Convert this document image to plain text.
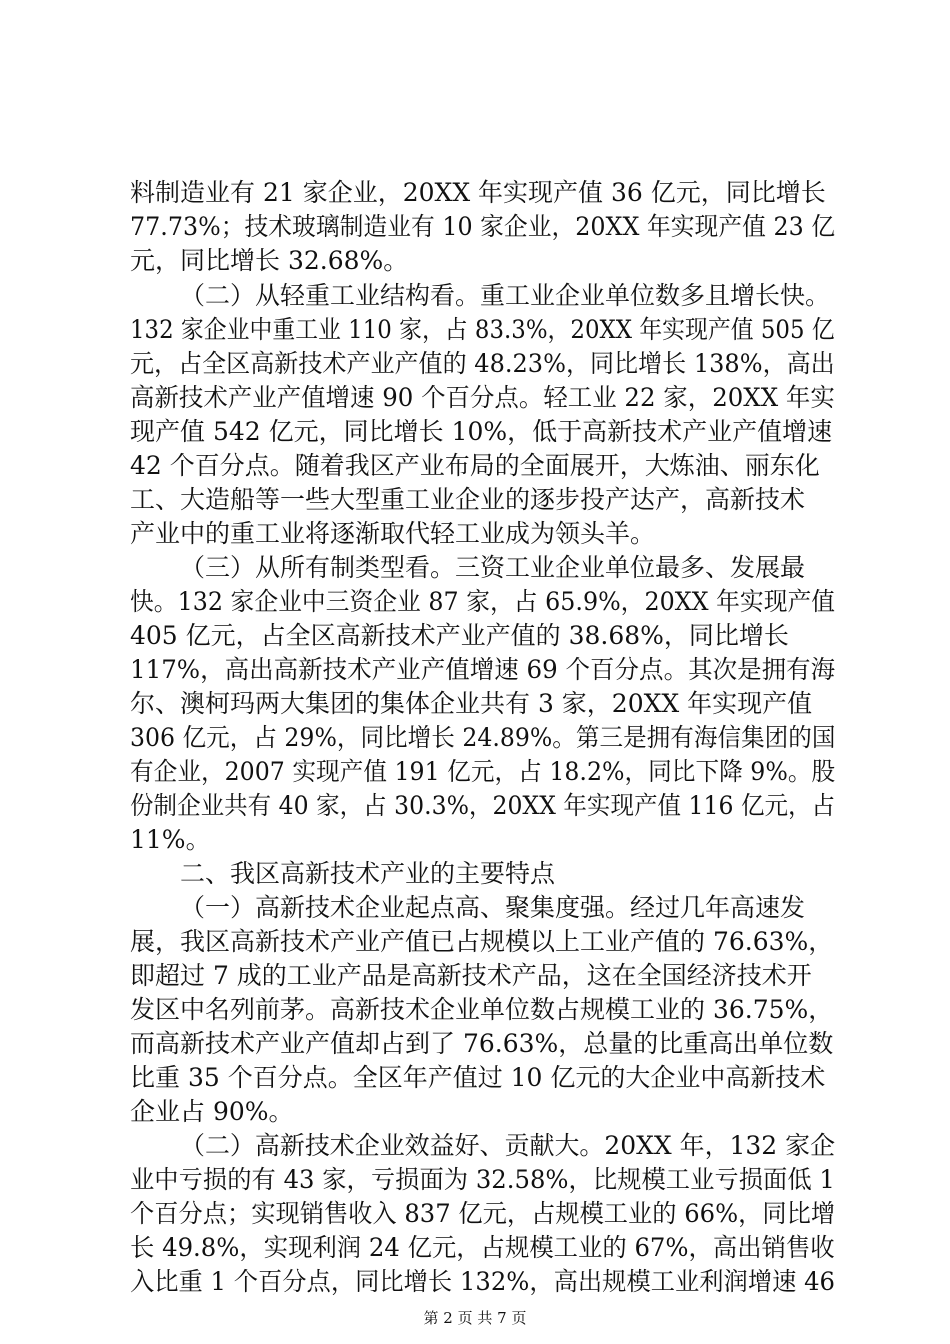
料制造业有 21 家企业，20XX 年实现产值 36 亿元，同比增长
77.73%；技术玻璃制造业有 10 家企业，20XX 年实现产值 23 亿
元，同比增长 32.68%。
（二）从轻重工业结构看。重工业企业单位数多且增长快。
132 家企业中重工业 110 家，占 83.3%，20XX 年实现产值 505 亿
元，占全区高新技术产业产值的 48.23%，同比增长 138%，高出
高新技术产业产值增速 90 个百分点。轻工业 22 家，20XX 年实
现产值 542 亿元，同比增长 10%，低于高新技术产业产值增速
42 个百分点。随着我区产业布局的全面展开，大炼油、丽东化
工、大造船等一些大型重工业企业的逐步投产达产，高新技术
产业中的重工业将逐渐取代轻工业成为领头羊。
（三）从所有制类型看。三资工业企业单位最多、发展最
快。132 家企业中三资企业 87 家，占 65.9%，20XX 年实现产值
405 亿元，占全区高新技术产业产值的 38.68%，同比增长
117%，高出高新技术产业产值增速 69 个百分点。其次是拥有海
尔、澳柯玛两大集团的集体企业共有 3 家，20XX 年实现产值
306 亿元，占 29%，同比增长 24.89%。第三是拥有海信集团的国
有企业，2007 实现产值 191 亿元，占 18.2%，同比下降 9%。股
份制企业共有 40 家，占 30.3%，20XX 年实现产值 116 亿元，占
11%。
二、我区高新技术产业的主要特点
（一）高新技术企业起点高、聚集度强。经过几年高速发
展，我区高新技术产业产值已占规模以上工业产值的 76.63%，
即超过 7 成的工业产品是高新技术产品，这在全国经济技术开
发区中名列前茅。高新技术企业单位数占规模工业的 36.75%，
而高新技术产业产值却占到了 76.63%，总量的比重高出单位数
比重 35 个百分点。全区年产值过 10 亿元的大企业中高新技术
企业占 90%。
（二）高新技术企业效益好、贡献大。20XX 年，132 家企
业中亏损的有 43 家，亏损面为 32.58%，比规模工业亏损面低 1
个百分点；实现销售收入 837 亿元，占规模工业的 66%，同比增
长 49.8%，实现利润 24 亿元，占规模工业的 67%，高出销售收
入比重 1 个百分点，同比增长 132%，高出规模工业利润增速 46
第 2 页 共 7 页
